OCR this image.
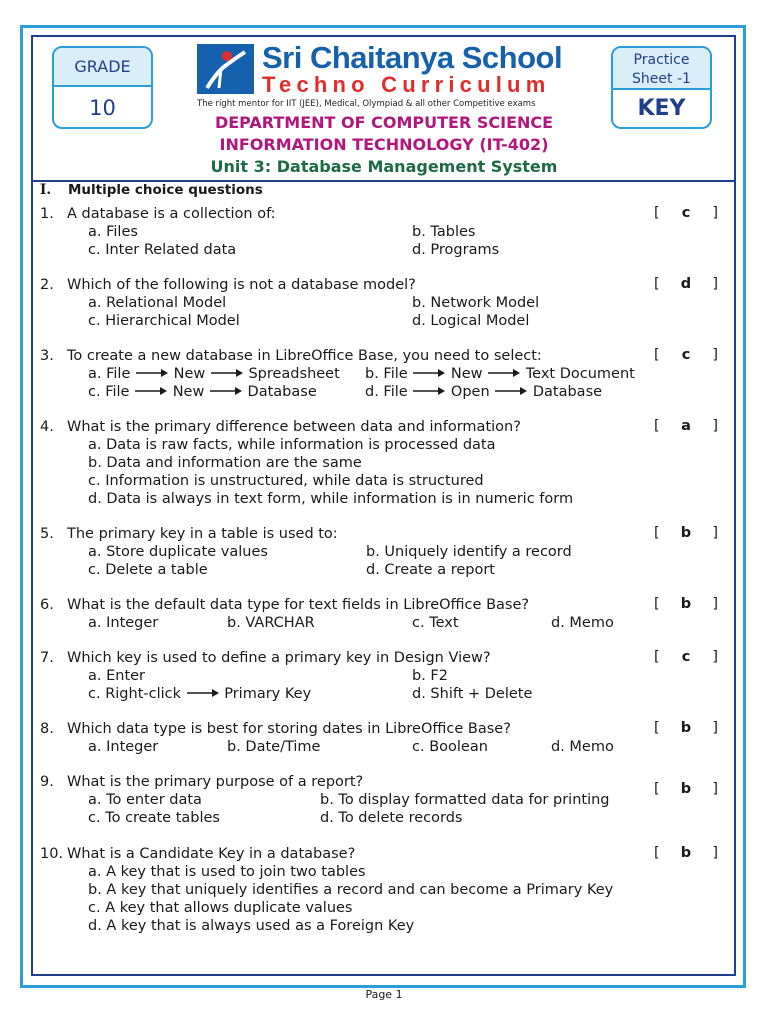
GRADE
10
Practice
Sheet -1
KEY
Sri Chaitanya School
Techno Curriculum
The right mentor for IIT (JEE), Medical, Olympiad & all other Competitive exams
DEPARTMENT OF COMPUTER SCIENCE
INFORMATION TECHNOLOGY (IT-402)
Unit 3: Database Management System
I. Multiple choice questions
1. A database is a collection of:	[	c	]
a. Files	b. Tables
c. Inter Related data	d. Programs
2. Which of the following is not a database model?	[	d	]
a. Relational Model	b. Network Model
c. Hierarchical Model	d. Logical Model
3. To create a new database in LibreOffice Base, you need to select:	[	c	]
a. File	New	Spreadsheet b. File	New	Text Document
c. File	New	Database	d. File	Open	Database
4. What is the primary difference between data and information?	[	a	]
a. Data is raw facts, while information is processed data
b. Data and information are the same
c. Information is unstructured, while data is structured
d. Data is always in text form, while information is in numeric form
5. The primary key in a table is used to:	[	b	]
a. Store duplicate values	b. Uniquely identify a record
c. Delete a table	d. Create a report
6. What is the default data type for text fields in LibreOffice Base?	[	b	]
a. Integer	b. VARCHAR	c. Text	d. Memo
7. Which key is used to define a primary key in Design View?	[	c	]
a. Enter	b. F2
c. Right-click	Primary Key	d. Shift + Delete
8. Which data type is best for storing dates in LibreOffice Base?	[	b	]
a. Integer	b. Date/Time	c. Boolean	d. Memo
9. What is the primary purpose of a report?	[	b	]
a. To enter data	b. To display formatted data for printing
c. To create tables	d. To delete records
10. What is a Candidate Key in a database?	[	b	]
a. A key that is used to join two tables
b. A key that uniquely identifies a record and can become a Primary Key
c. A key that allows duplicate values
d. A key that is always used as a Foreign Key
Page 1
